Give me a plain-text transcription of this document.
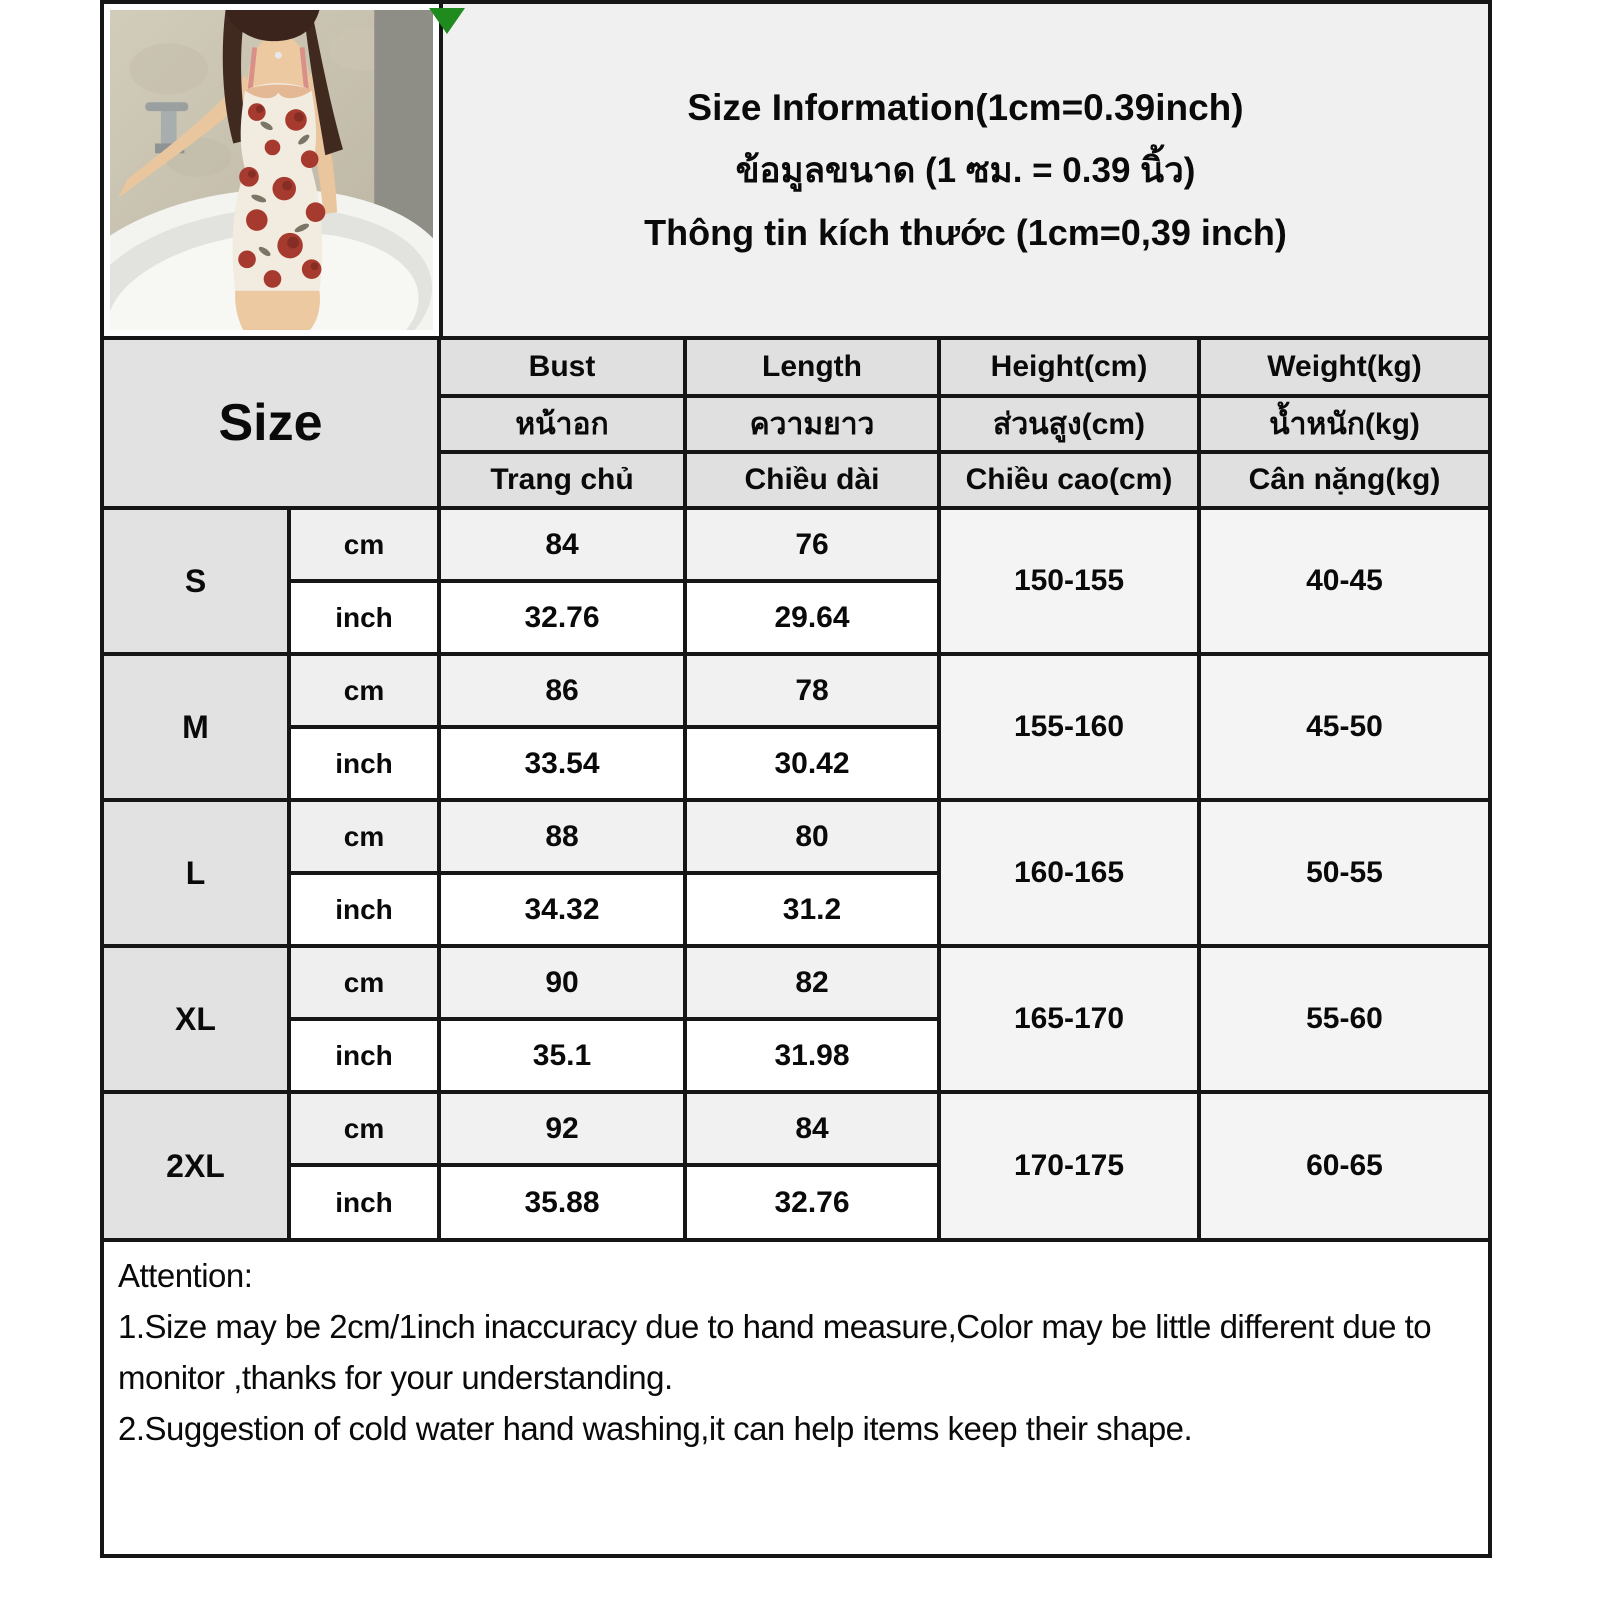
Size Information(1cm=0.39inch)
ข้อมูลขนาด (1 ซม. = 0.39 นิ้ว)
Thông tin kích thước (1cm=0,39 inch)
Size		Bust	Length	Height(cm)	Weight(kg)
		หน้าอก	ความยาว	ส่วนสูง(cm)	น้ำหนัก(kg)
		Trang chủ	Chiều dài	Chiều cao(cm)	Cân nặng(kg)
S	cm	84	76	150-155	40-45
	inch	32.76	29.64		
M	cm	86	78	155-160	45-50
	inch	33.54	30.42		
L	cm	88	80	160-165	50-55
	inch	34.32	31.2		
XL	cm	90	82	165-170	55-60
	inch	35.1	31.98		
2XL	cm	92	84	170-175	60-65
	inch	35.88	32.76		
Attention:
1.Size may be 2cm/1inch inaccuracy due to hand measure,Color may be little different due to monitor ,thanks for your understanding.
2.Suggestion of cold water hand washing,it can help items keep their shape.
